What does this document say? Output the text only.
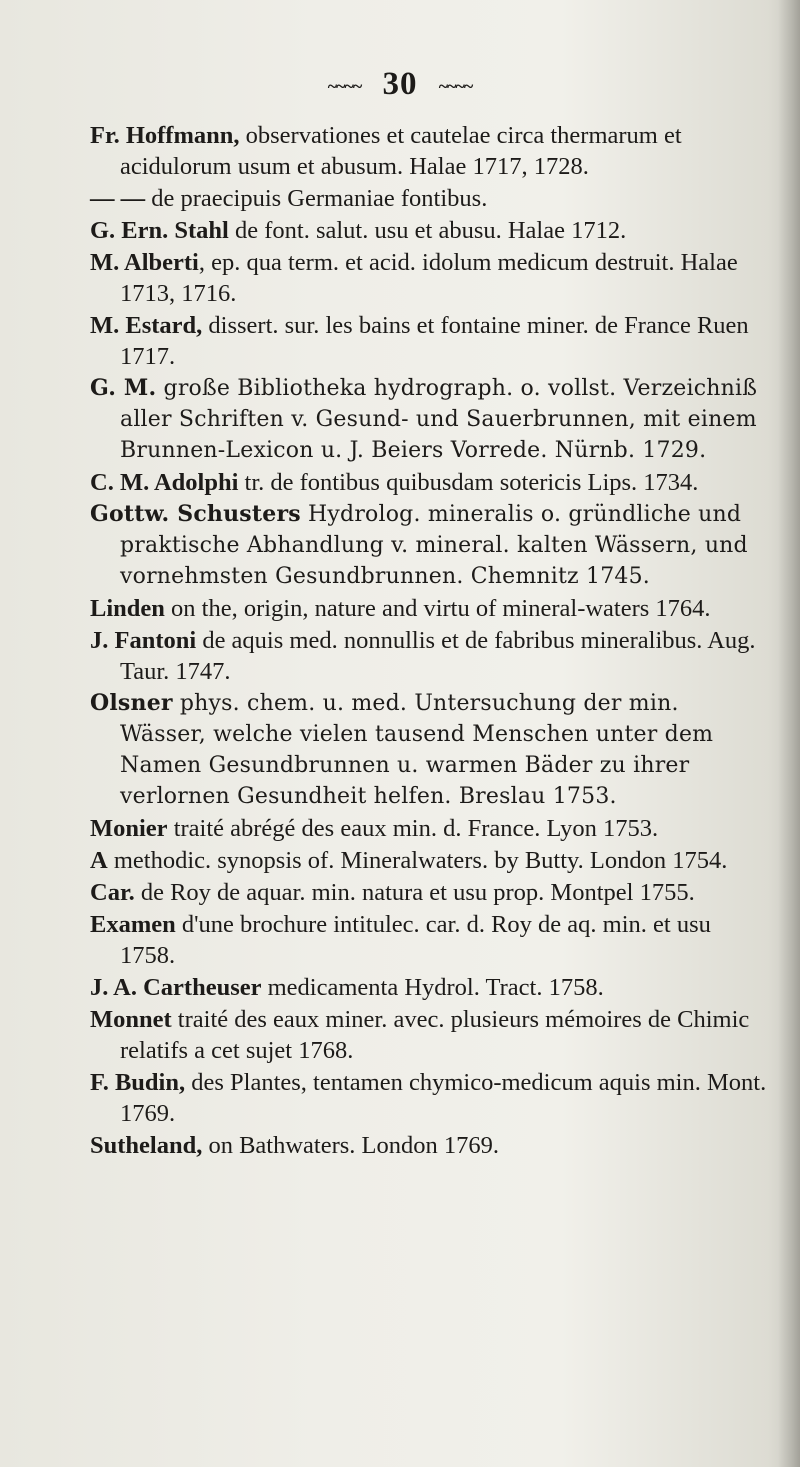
~~~~ 30 ~~~~

Fr. Hoffmann, observationes et cautelae circa thermarum et acidulorum usum et abusum. Halae 1717, 1728.

— — de praecipuis Germaniae fontibus.

G. Ern. Stahl de font. salut. usu et abusu. Halae 1712.

M. Alberti, ep. qua term. et acid. idolum medicum destruit. Halae 1713, 1716.

M. Estard, dissert. sur. les bains et fontaine miner. de France Ruen 1717.

G. M. große Bibliotheka hydrograph. o. vollst. Verzeichniß aller Schriften v. Gesund- und Sauerbrunnen, mit einem Brunnen-Lexicon u. J. Beiers Vorrede. Nürnb. 1729.

C. M. Adolphi tr. de fontibus quibusdam sotericis Lips. 1734.

Gottw. Schusters Hydrolog. mineralis o. gründliche und praktische Abhandlung v. mineral. kalten Wässern, und vornehmsten Gesundbrunnen. Chemnitz 1745.

Linden on the, origin, nature and virtu of mineral-waters 1764.

J. Fantoni de aquis med. nonnullis et de fabribus mineralibus. Aug. Taur. 1747.

Olsner phys. chem. u. med. Untersuchung der min. Wässer, welche vielen tausend Menschen unter dem Namen Gesundbrunnen u. warmen Bäder zu ihrer verlornen Gesundheit helfen. Breslau 1753.

Monier traité abrégé des eaux min. d. France. Lyon 1753.

A methodic. synopsis of. Mineralwaters. by Butty. London 1754.

Car. de Roy de aquar. min. natura et usu prop. Montpel 1755.

Examen d'une brochure intitulec. car. d. Roy de aq. min. et usu 1758.

J. A. Cartheuser medicamenta Hydrol. Tract. 1758.

Monnet traité des eaux miner. avec. plusieurs mémoires de Chimic relatifs a cet sujet 1768.

F. Budin, des Plantes, tentamen chymico-medicum aquis min. Mont. 1769.

Sutheland, on Bathwaters. London 1769.
